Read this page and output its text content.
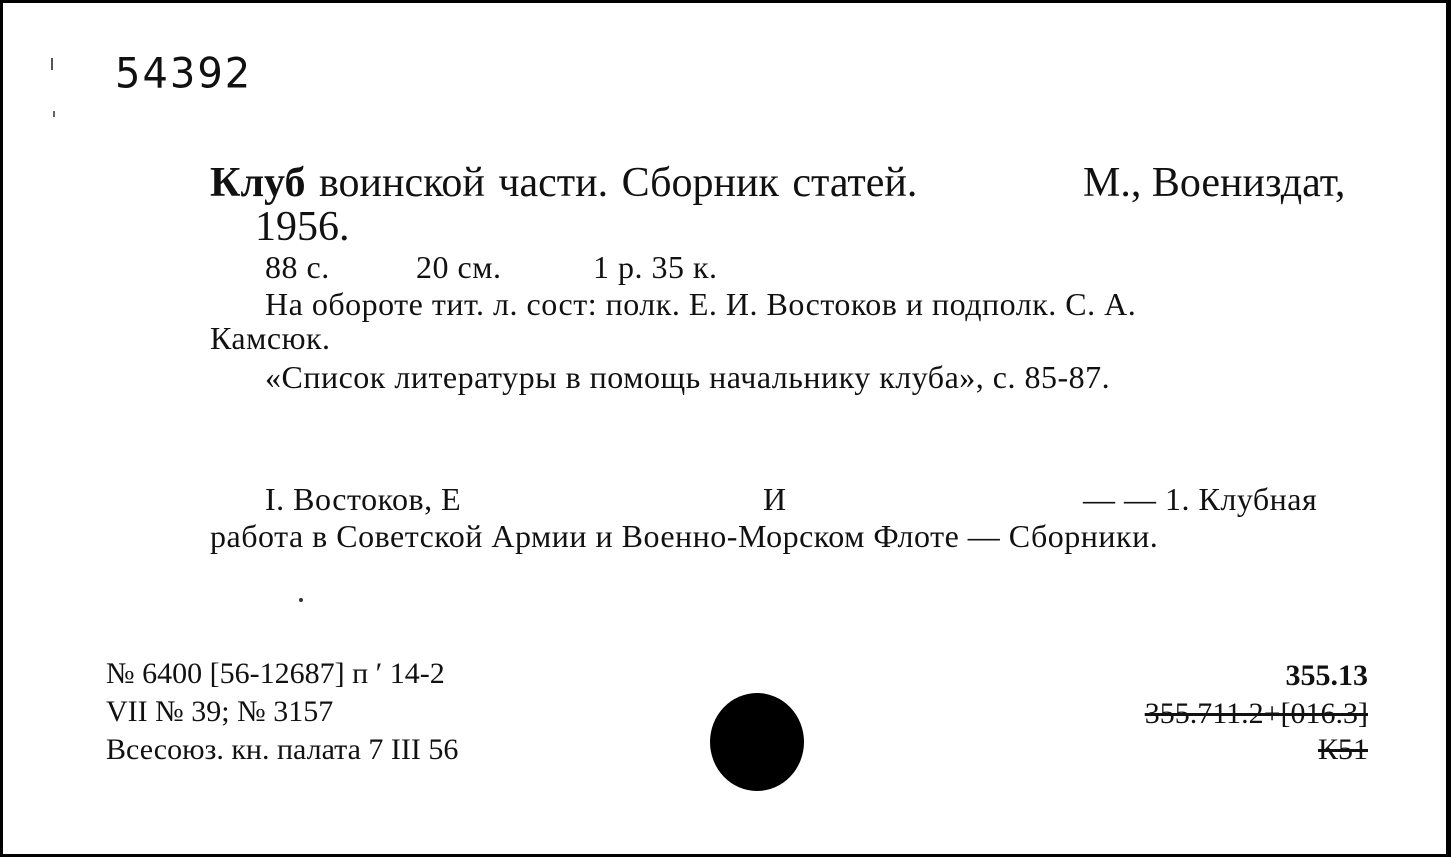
54392
Клуб воинской части. Сборник статей.	М., Воениздат,
1956.
88 с.	20 см.	1 р. 35 к.
На обороте тит. л. сост: полк. Е. И. Востоков и подполк. С. А.
Камсюк.
«Список литературы в помощь начальнику клуба», с. 85-87.
I. Востоков, Е	И	— — 1. Клубная
работа в Советской Армии и Военно-Морском Флоте — Сборники.
№ 6400 [56-12687] п ′ 14-2
VII № 39; № 3157
Всесоюз. кн. палата 7 III 56
355.13
355.711.2+[016.3]
К51
